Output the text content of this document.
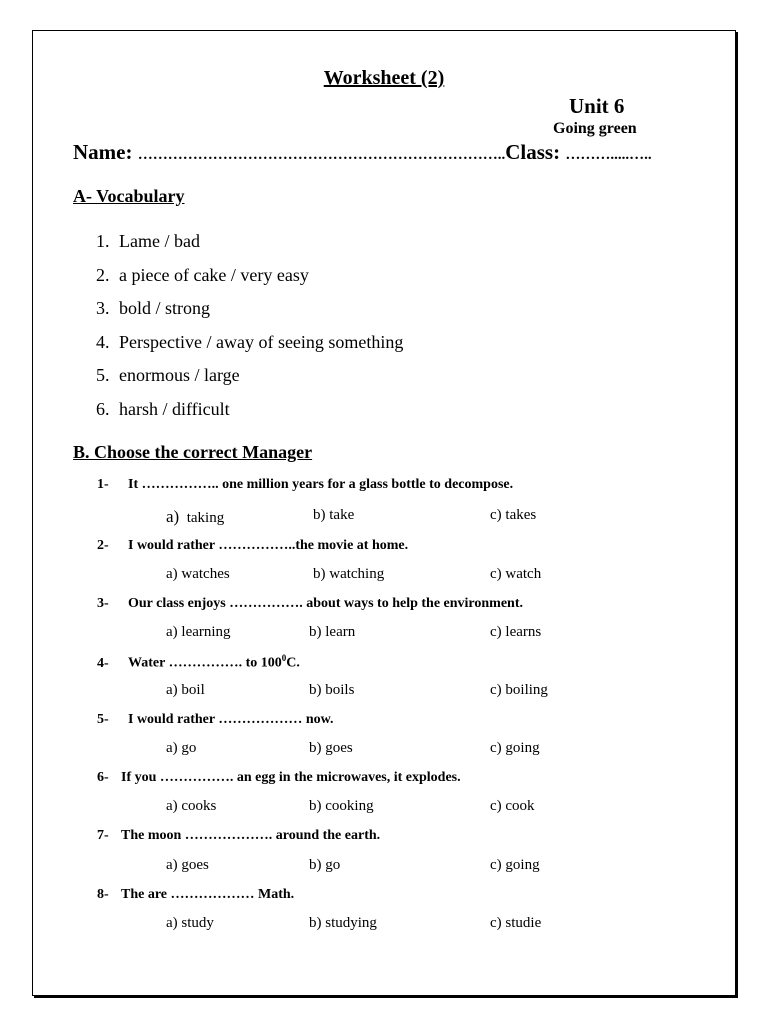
Worksheet (2)
Unit 6
Going green
Name: ………………………………………………………………..Class: ……….....…..
A- Vocabulary
1. Lame / bad
2. a piece of cake / very easy
3. bold / strong
4. Perspective / away of seeing something
5. enormous / large
6. harsh / difficult
B. Choose the correct Manager
1- It …………….. one million years for a glass bottle to decompose.
a) taking	b) take	c) takes
2- I would rather ……………..the movie at home.
a) watches	b) watching	c) watch
3- Our class enjoys ……………. about ways to help the environment.
a) learning	b) learn	c) learns
4- Water ……………. to $100^0C$.
a) boil	b) boils	c) boiling
5- I would rather ……………… now.
a) go	b) goes	c) going
6- If you ……………. an egg in the microwaves, it explodes.
a) cooks	b) cooking	c) cook
7- The moon ………………. around the earth.
a) goes	b) go	c) going
8- The are ……………… Math.
a) study	b) studying	c) studie
